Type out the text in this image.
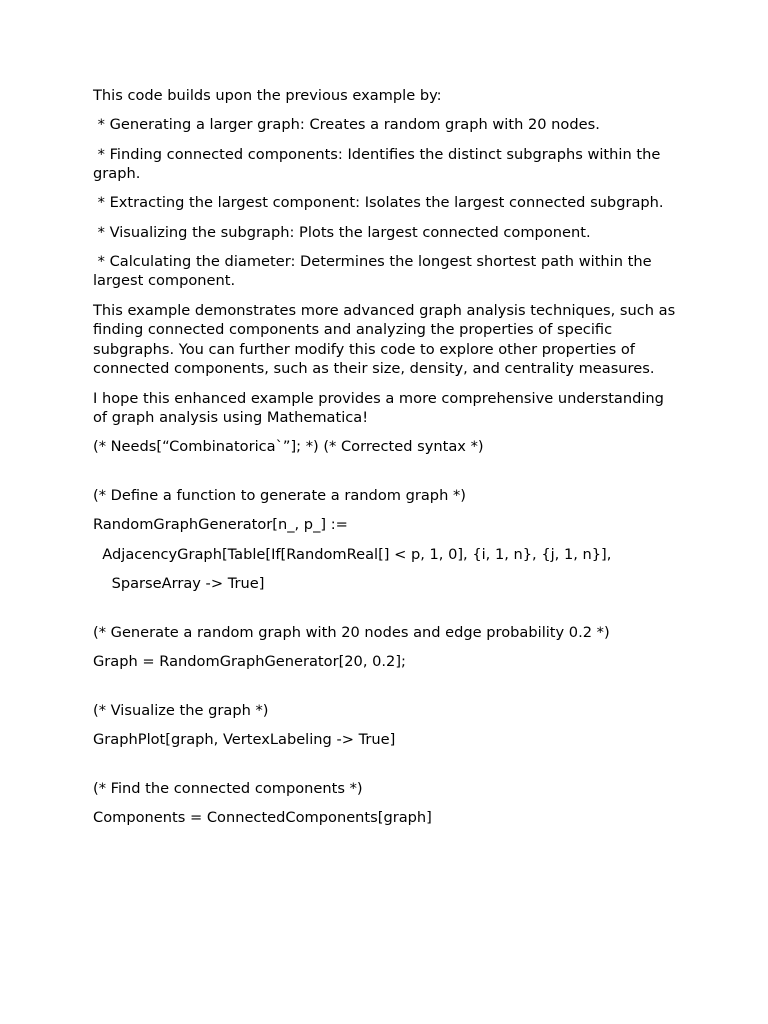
This code builds upon the previous example by:

* Generating a larger graph: Creates a random graph with 20 nodes.

* Finding connected components: Identifies the distinct subgraphs within the graph.

* Extracting the largest component: Isolates the largest connected subgraph.

* Visualizing the subgraph: Plots the largest connected component.

* Calculating the diameter: Determines the longest shortest path within the largest component.

This example demonstrates more advanced graph analysis techniques, such as finding connected components and analyzing the properties of specific subgraphs. You can further modify this code to explore other properties of connected components, such as their size, density, and centrality measures.

I hope this enhanced example provides a more comprehensive understanding of graph analysis using Mathematica!

(* Needs[“Combinatorica`”]; *) (* Corrected syntax *)

(* Define a function to generate a random graph *)

RandomGraphGenerator[n_, p_] :=

AdjacencyGraph[Table[If[RandomReal[] < p, 1, 0], {i, 1, n}, {j, 1, n}],

SparseArray -> True]

(* Generate a random graph with 20 nodes and edge probability 0.2 *)

Graph = RandomGraphGenerator[20, 0.2];

(* Visualize the graph *)

GraphPlot[graph, VertexLabeling -> True]

(* Find the connected components *)

Components = ConnectedComponents[graph]
